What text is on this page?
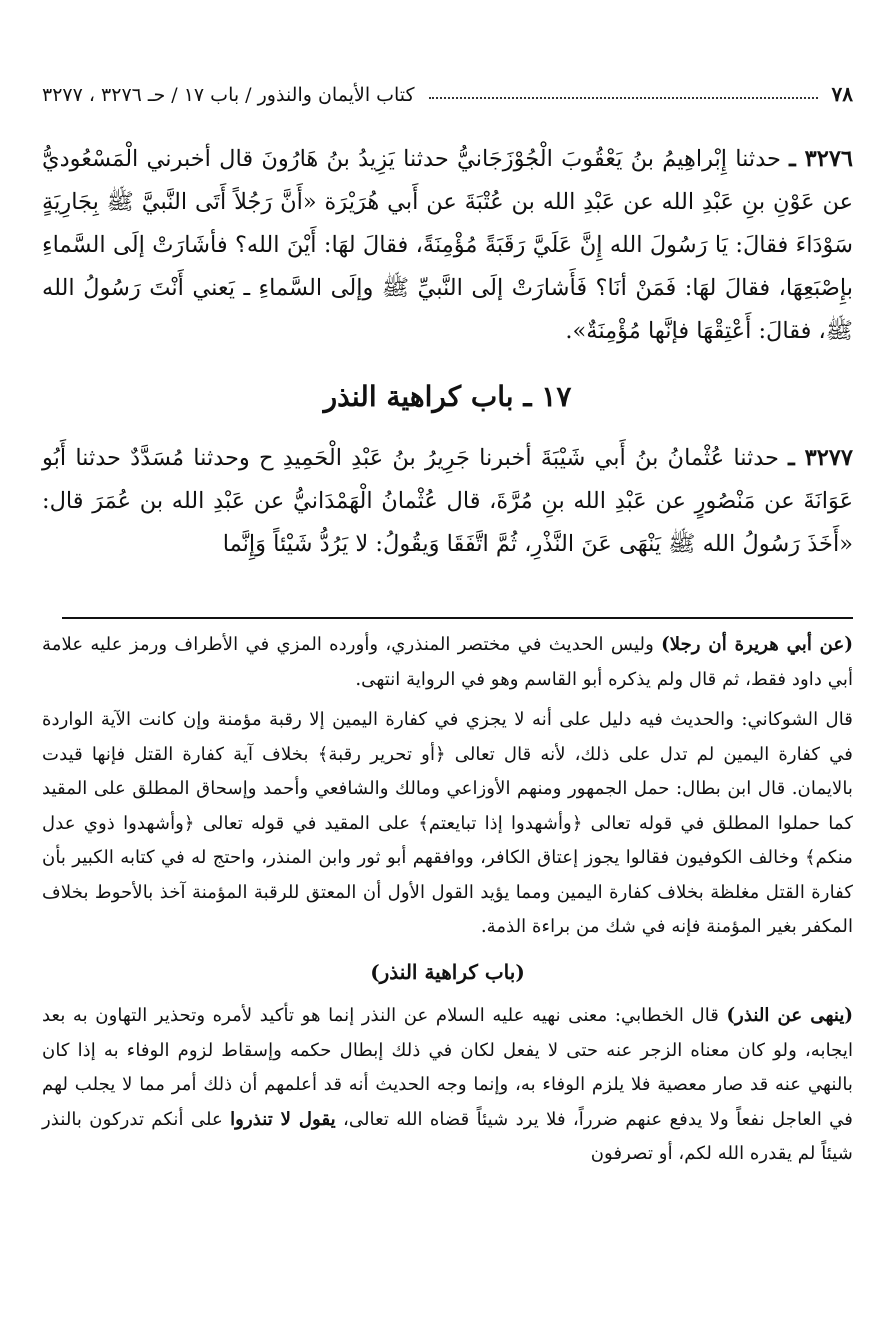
٧٨
كتاب الأيمان والنذور / باب ١٧ / حـ ٣٢٧٦ ، ٣٢٧٧

٣٢٧٦ ـ حدثنا إِبْراهِيمُ بنُ يَعْقُوبَ الْجُوْزَجَانيُّ حدثنا يَزِيدُ بنُ هَارُونَ قال أخبرني الْمَسْعُوديُّ عن عَوْنِ بنِ عَبْدِ الله عن عَبْدِ الله بن عُتْبَةَ عن أَبي هُرَيْرَة «أَنَّ رَجُلاً أَتَى النَّبيَّ ﷺ بِجَارِيَةٍ سَوْدَاءَ فقالَ: يَا رَسُولَ الله إِنَّ عَلَيَّ رَقَبَةً مُؤْمِنَةً، فقالَ لهَا: أَيْنَ الله؟ فأشَارَتْ إلَى السَّماءِ بإِصْبَعِهَا، فقالَ لهَا: فَمَنْ أنَا؟ فَأَشارَتْ إلَى النَّبيِّ ﷺ وإلَى السَّماءِ ـ يَعني أَنْتَ رَسُولُ الله ﷺ، فقالَ: أَعْتِقْهَا فإنَّها مُؤْمِنَةٌ».

١٧ ـ باب كراهية النذر

٣٢٧٧ ـ حدثنا عُثْمانُ بنُ أَبي شَيْبَةَ أخبرنا جَرِيرُ بنُ عَبْدِ الْحَمِيدِ ح وحدثنا مُسَدَّدٌ حدثنا أَبُو عَوَانَةَ عن مَنْصُورٍ عن عَبْدِ الله بنِ مُرَّةَ، قال عُثْمانُ الْهَمْدَانيُّ عن عَبْدِ الله بن عُمَرَ قال: «أَخَذَ رَسُولُ الله ﷺ يَنْهَى عَنَ النَّذْرِ، ثُمَّ اتَّفَقَا وَيقُولُ: لا يَرُدُّ شَيْئاً وَإِنَّما

(عن أبي هريرة أن رجلا) وليس الحديث في مختصر المنذري، وأورده المزي في الأطراف ورمز عليه علامة أبي داود فقط، ثم قال ولم يذكره أبو القاسم وهو في الرواية انتهى.

قال الشوكاني: والحديث فيه دليل على أنه لا يجزي في كفارة اليمين إلا رقبة مؤمنة وإن كانت الآية الواردة في كفارة اليمين لم تدل على ذلك، لأنه قال تعالى ﴿أو تحرير رقبة﴾ بخلاف آية كفارة القتل فإنها قيدت بالايمان. قال ابن بطال: حمل الجمهور ومنهم الأوزاعي ومالك والشافعي وأحمد وإسحاق المطلق على المقيد كما حملوا المطلق في قوله تعالى ﴿وأشهدوا إذا تبايعتم﴾ على المقيد في قوله تعالى ﴿وأشهدوا ذوي عدل منكم﴾ وخالف الكوفيون فقالوا يجوز إعتاق الكافر، ووافقهم أبو ثور وابن المنذر، واحتج له في كتابه الكبير بأن كفارة القتل مغلظة بخلاف كفارة اليمين ومما يؤيد القول الأول أن المعتق للرقبة المؤمنة آخذ بالأحوط بخلاف المكفر بغير المؤمنة فإنه في شك من براءة الذمة.

(باب كراهية النذر)

(ينهى عن النذر) قال الخطابي: معنى نهيه عليه السلام عن النذر إنما هو تأكيد لأمره وتحذير التهاون به بعد ايجابه، ولو كان معناه الزجر عنه حتى لا يفعل لكان في ذلك إبطال حكمه وإسقاط لزوم الوفاء به إذا كان بالنهي عنه قد صار معصية فلا يلزم الوفاء به، وإنما وجه الحديث أنه قد أعلمهم أن ذلك أمر مما لا يجلب لهم في العاجل نفعاً ولا يدفع عنهم ضرراً، فلا يرد شيئاً قضاه الله تعالى، يقول لا تنذروا على أنكم تدركون بالنذر شيئاً لم يقدره الله لكم، أو تصرفون
